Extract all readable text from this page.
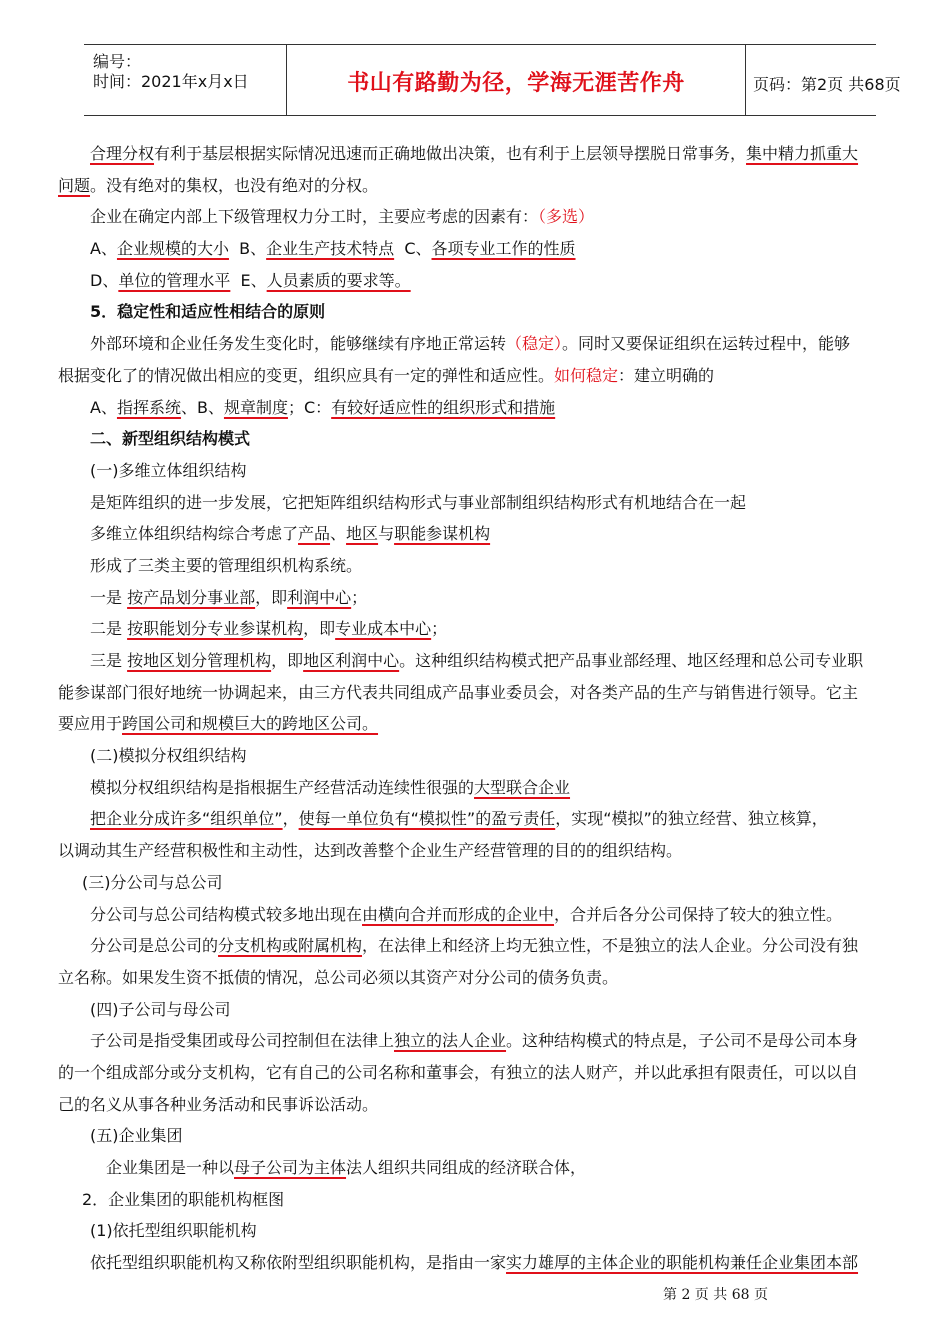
编号：
时间：2021年x月x日	书山有路勤为径，学海无涯苦作舟	页码：第2页 共68页
合理分权有利于基层根据实际情况迅速而正确地做出决策，也有利于上层领导摆脱日常事务，集中精力抓重大
问题。没有绝对的集权，也没有绝对的分权。
企业在确定内部上下级管理权力分工时，主要应考虑的因素有：（多选）
A、企业规模的大小  B、企业生产技术特点  C、各项专业工作的性质
D、单位的管理水平  E、人员素质的要求等。
5．稳定性和适应性相结合的原则
外部环境和企业任务发生变化时，能够继续有序地正常运转（稳定）。同时又要保证组织在运转过程中，能够
根据变化了的情况做出相应的变更，组织应具有一定的弹性和适应性。如何稳定：建立明确的
A、指挥系统、B、规章制度；C：有较好适应性的组织形式和措施
二、新型组织结构模式
(一)多维立体组织结构
是矩阵组织的进一步发展，它把矩阵组织结构形式与事业部制组织结构形式有机地结合在一起
多维立体组织结构综合考虑了产品、地区与职能参谋机构
形成了三类主要的管理组织机构系统。
一是 按产品划分事业部，即利润中心；
二是 按职能划分专业参谋机构，即专业成本中心；
三是 按地区划分管理机构，即地区利润中心。这种组织结构模式把产品事业部经理、地区经理和总公司专业职
能参谋部门很好地统一协调起来，由三方代表共同组成产品事业委员会，对各类产品的生产与销售进行领导。它主
要应用于跨国公司和规模巨大的跨地区公司。
(二)模拟分权组织结构
模拟分权组织结构是指根据生产经营活动连续性很强的大型联合企业
把企业分成许多“组织单位”，使每一单位负有“模拟性”的盈亏责任，实现“模拟”的独立经营、独立核算，
以调动其生产经营积极性和主动性，达到改善整个企业生产经营管理的目的的组织结构。
(三)分公司与总公司
分公司与总公司结构模式较多地出现在由横向合并而形成的企业中，合并后各分公司保持了较大的独立性。
分公司是总公司的分支机构或附属机构，在法律上和经济上均无独立性，不是独立的法人企业。分公司没有独
立名称。如果发生资不抵债的情况，总公司必须以其资产对分公司的债务负责。
(四)子公司与母公司
子公司是指受集团或母公司控制但在法律上独立的法人企业。这种结构模式的特点是，子公司不是母公司本身
的一个组成部分或分支机构，它有自己的公司名称和董事会，有独立的法人财产，并以此承担有限责任，可以以自
己的名义从事各种业务活动和民事诉讼活动。
(五)企业集团
企业集团是一种以母子公司为主体法人组织共同组成的经济联合体，
2．企业集团的职能机构框图
(1)依托型组织职能机构
依托型组织职能机构又称依附型组织职能机构，是指由一家实力雄厚的主体企业的职能机构兼任企业集团本部
第 2 页 共 68 页
